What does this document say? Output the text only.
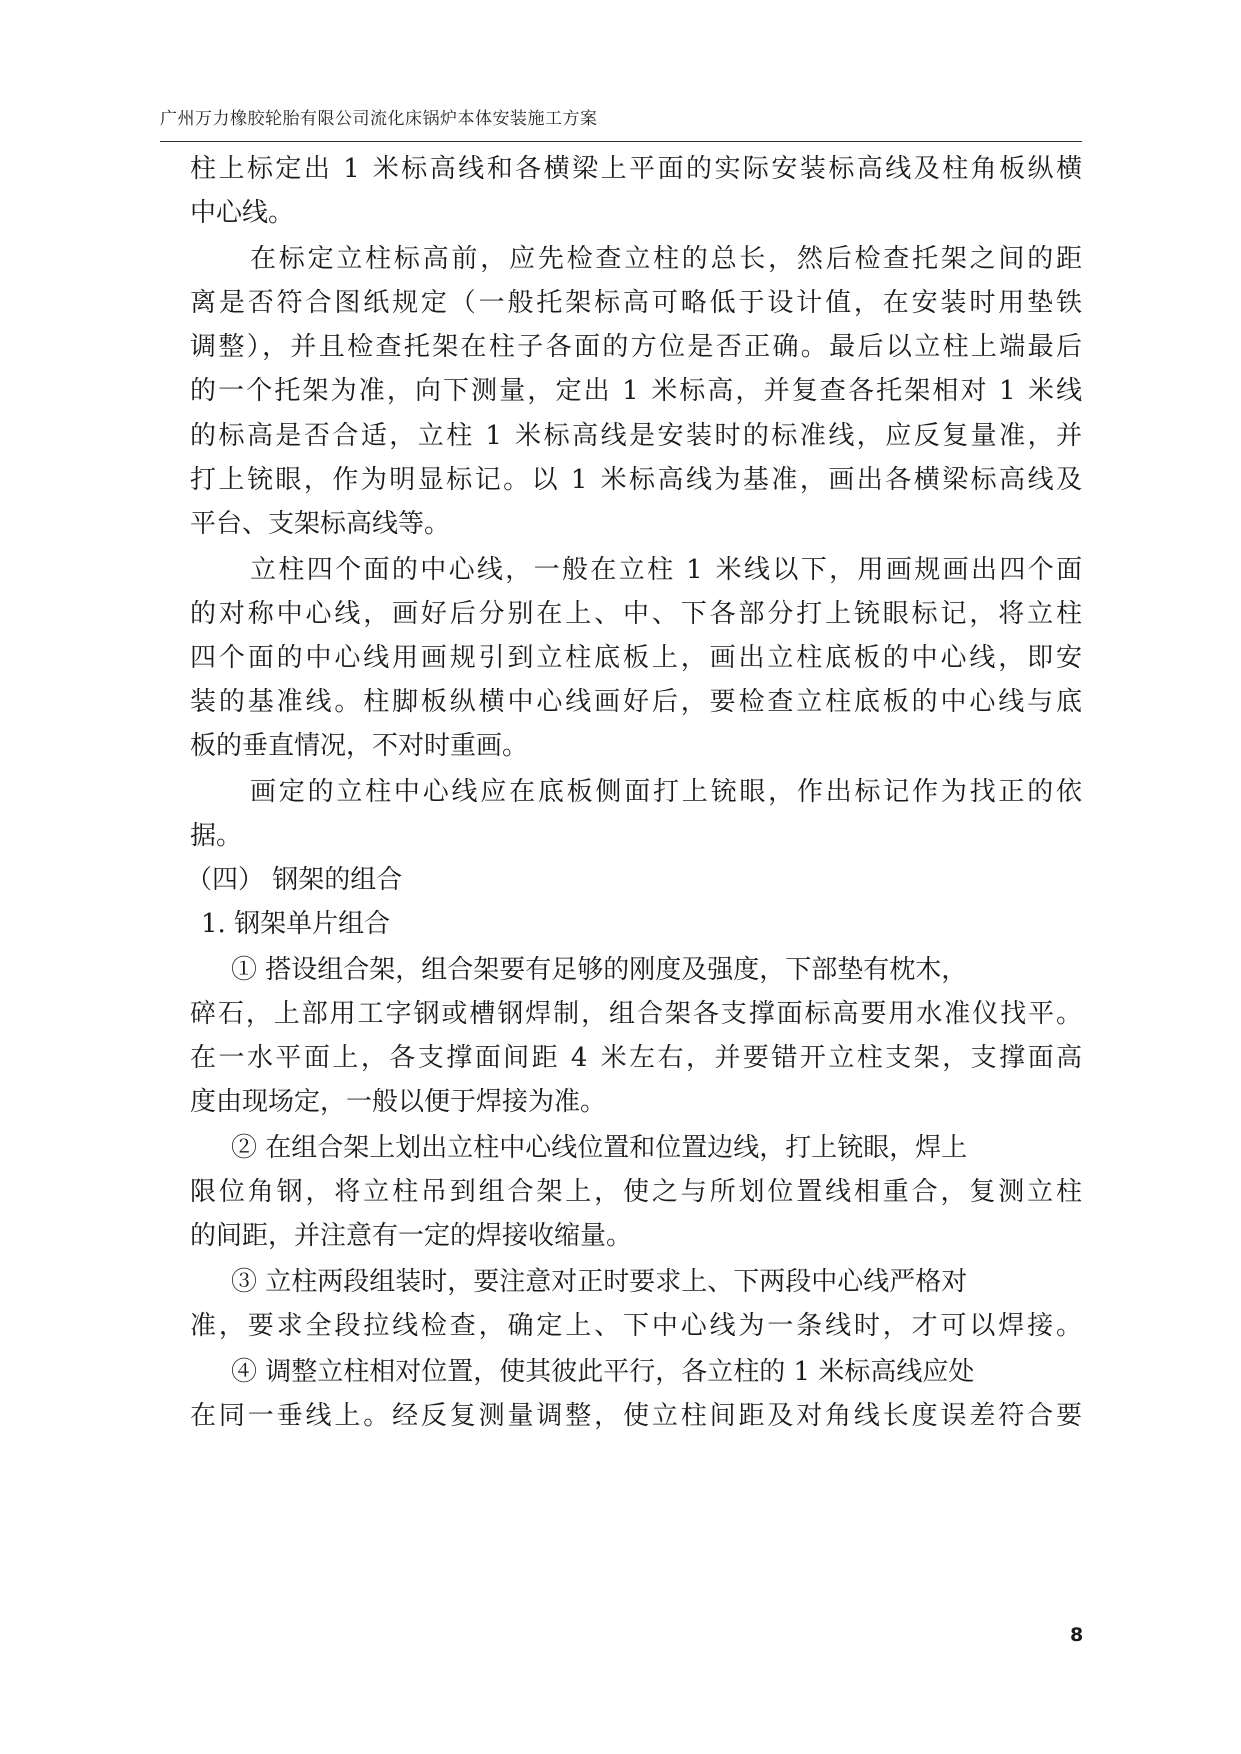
广州万力橡胶轮胎有限公司流化床锅炉本体安装施工方案
柱上标定出 1 米标高线和各横梁上平面的实际安装标高线及柱角板纵横
中心线。
在标定立柱标高前，应先检查立柱的总长，然后检查托架之间的距
离是否符合图纸规定（一般托架标高可略低于设计值，在安装时用垫铁
调整），并且检查托架在柱子各面的方位是否正确。最后以立柱上端最后
的一个托架为准，向下测量，定出 1 米标高，并复查各托架相对 1 米线
的标高是否合适，立柱 1 米标高线是安装时的标准线，应反复量准，并
打上铳眼，作为明显标记。以 1 米标高线为基准，画出各横梁标高线及
平台、支架标高线等。
立柱四个面的中心线，一般在立柱 1 米线以下，用画规画出四个面
的对称中心线，画好后分别在上、中、下各部分打上铳眼标记，将立柱
四个面的中心线用画规引到立柱底板上，画出立柱底板的中心线，即安
装的基准线。柱脚板纵横中心线画好后，要检查立柱底板的中心线与底
板的垂直情况，不对时重画。
画定的立柱中心线应在底板侧面打上铳眼，作出标记作为找正的依
据。
（四） 钢架的组合
1. 钢架单片组合
① 搭设组合架，组合架要有足够的刚度及强度，下部垫有枕木，
碎石，上部用工字钢或槽钢焊制，组合架各支撑面标高要用水准仪找平。
在一水平面上，各支撑面间距 4 米左右，并要错开立柱支架，支撑面高
度由现场定，一般以便于焊接为准。
② 在组合架上划出立柱中心线位置和位置边线，打上铳眼，焊上
限位角钢，将立柱吊到组合架上，使之与所划位置线相重合，复测立柱
的间距，并注意有一定的焊接收缩量。
③ 立柱两段组装时，要注意对正时要求上、下两段中心线严格对
准，要求全段拉线检查，确定上、下中心线为一条线时，才可以焊接。
④ 调整立柱相对位置，使其彼此平行，各立柱的 1 米标高线应处
在同一垂线上。经反复测量调整，使立柱间距及对角线长度误差符合要
8
